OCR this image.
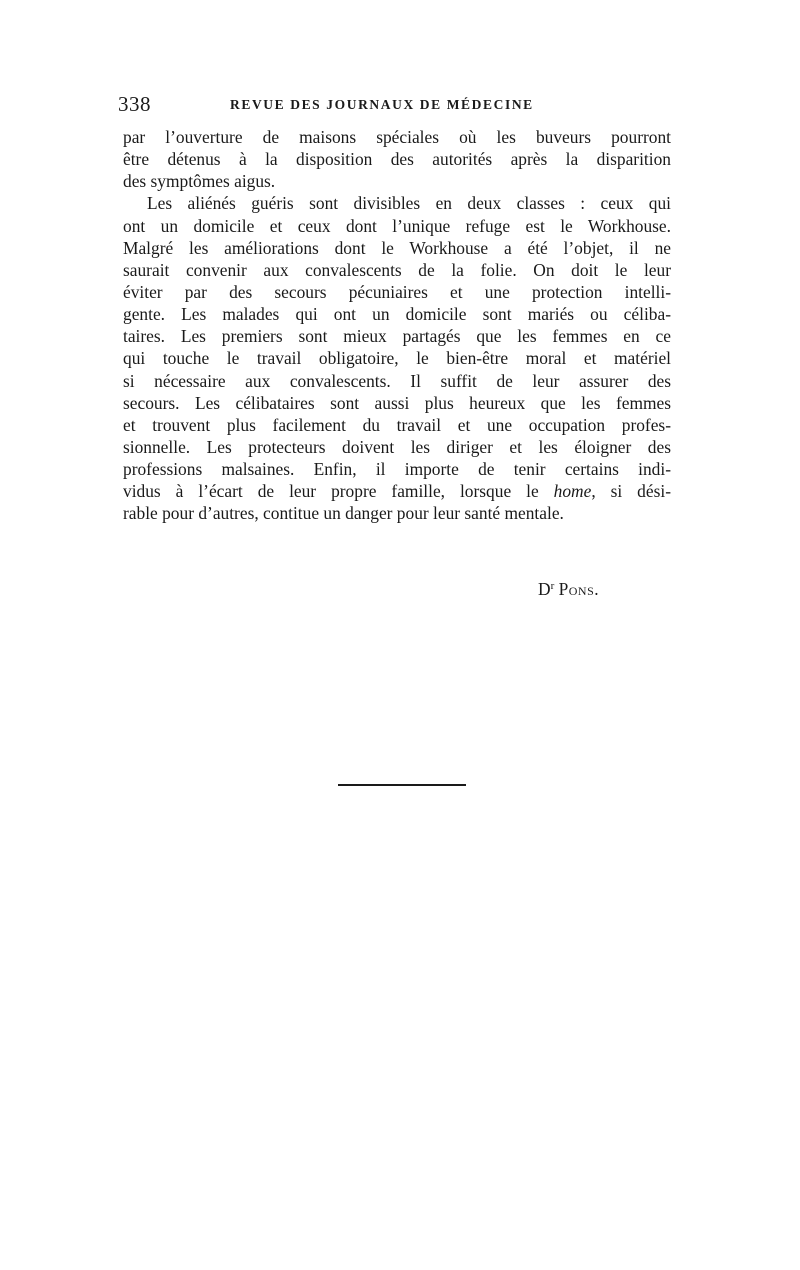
338	REVUE DES JOURNAUX DE MÉDECINE
par l’ouverture de maisons spéciales où les buveurs pourront
être détenus à la disposition des autorités après la disparition
des symptômes aigus.
Les aliénés guéris sont divisibles en deux classes : ceux qui
ont un domicile et ceux dont l’unique refuge est le Workhouse.
Malgré les améliorations dont le Workhouse a été l’objet, il ne
saurait convenir aux convalescents de la folie. On doit le leur
éviter par des secours pécuniaires et une protection intelli-
gente. Les malades qui ont un domicile sont mariés ou céliba-
taires. Les premiers sont mieux partagés que les femmes en ce
qui touche le travail obligatoire, le bien-être moral et matériel
si nécessaire aux convalescents. Il suffit de leur assurer des
secours. Les célibataires sont aussi plus heureux que les femmes
et trouvent plus facilement du travail et une occupation profes-
sionnelle. Les protecteurs doivent les diriger et les éloigner des
professions malsaines. Enfin, il importe de tenir certains indi-
vidus à l’écart de leur propre famille, lorsque le home, si dési-
rable pour d’autres, contitue un danger pour leur santé mentale.
$D^r$ Pons.
